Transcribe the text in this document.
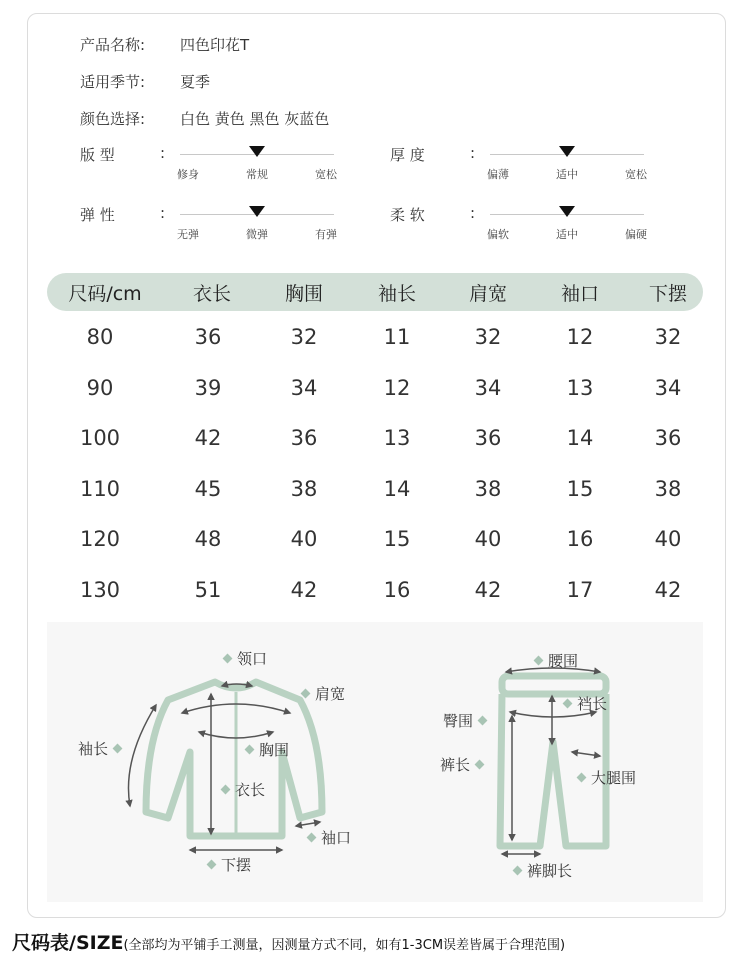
产品名称: 四色印花T
适用季节: 夏季
颜色选择: 白色 黄色 黑色 灰蓝色
版 型	:
修身	常规	宽松
厚 度	:
偏薄	适中	宽松
弹 性	:
无弹	微弹	有弹
柔 软	:
偏软	适中	偏硬
尺码/cm	衣长	胸围	袖长	肩宽	袖口	下摆
80	36	32	11	32	12	32
90	39	34	12	34	13	34
100	42	36	13	36	14	36
110	45	38	14	38	15	38
120	48	40	15	40	16	40
130	51	42	16	42	17	42
领口
肩宽
袖长	胸围
衣长
袖口
下摆
腰围
裆长
臀围
裤长
大腿围
裤脚长
尺码表/SIZE(全部均为平铺手工测量，因测量方式不同，如有1-3CM误差皆属于合理范围)
